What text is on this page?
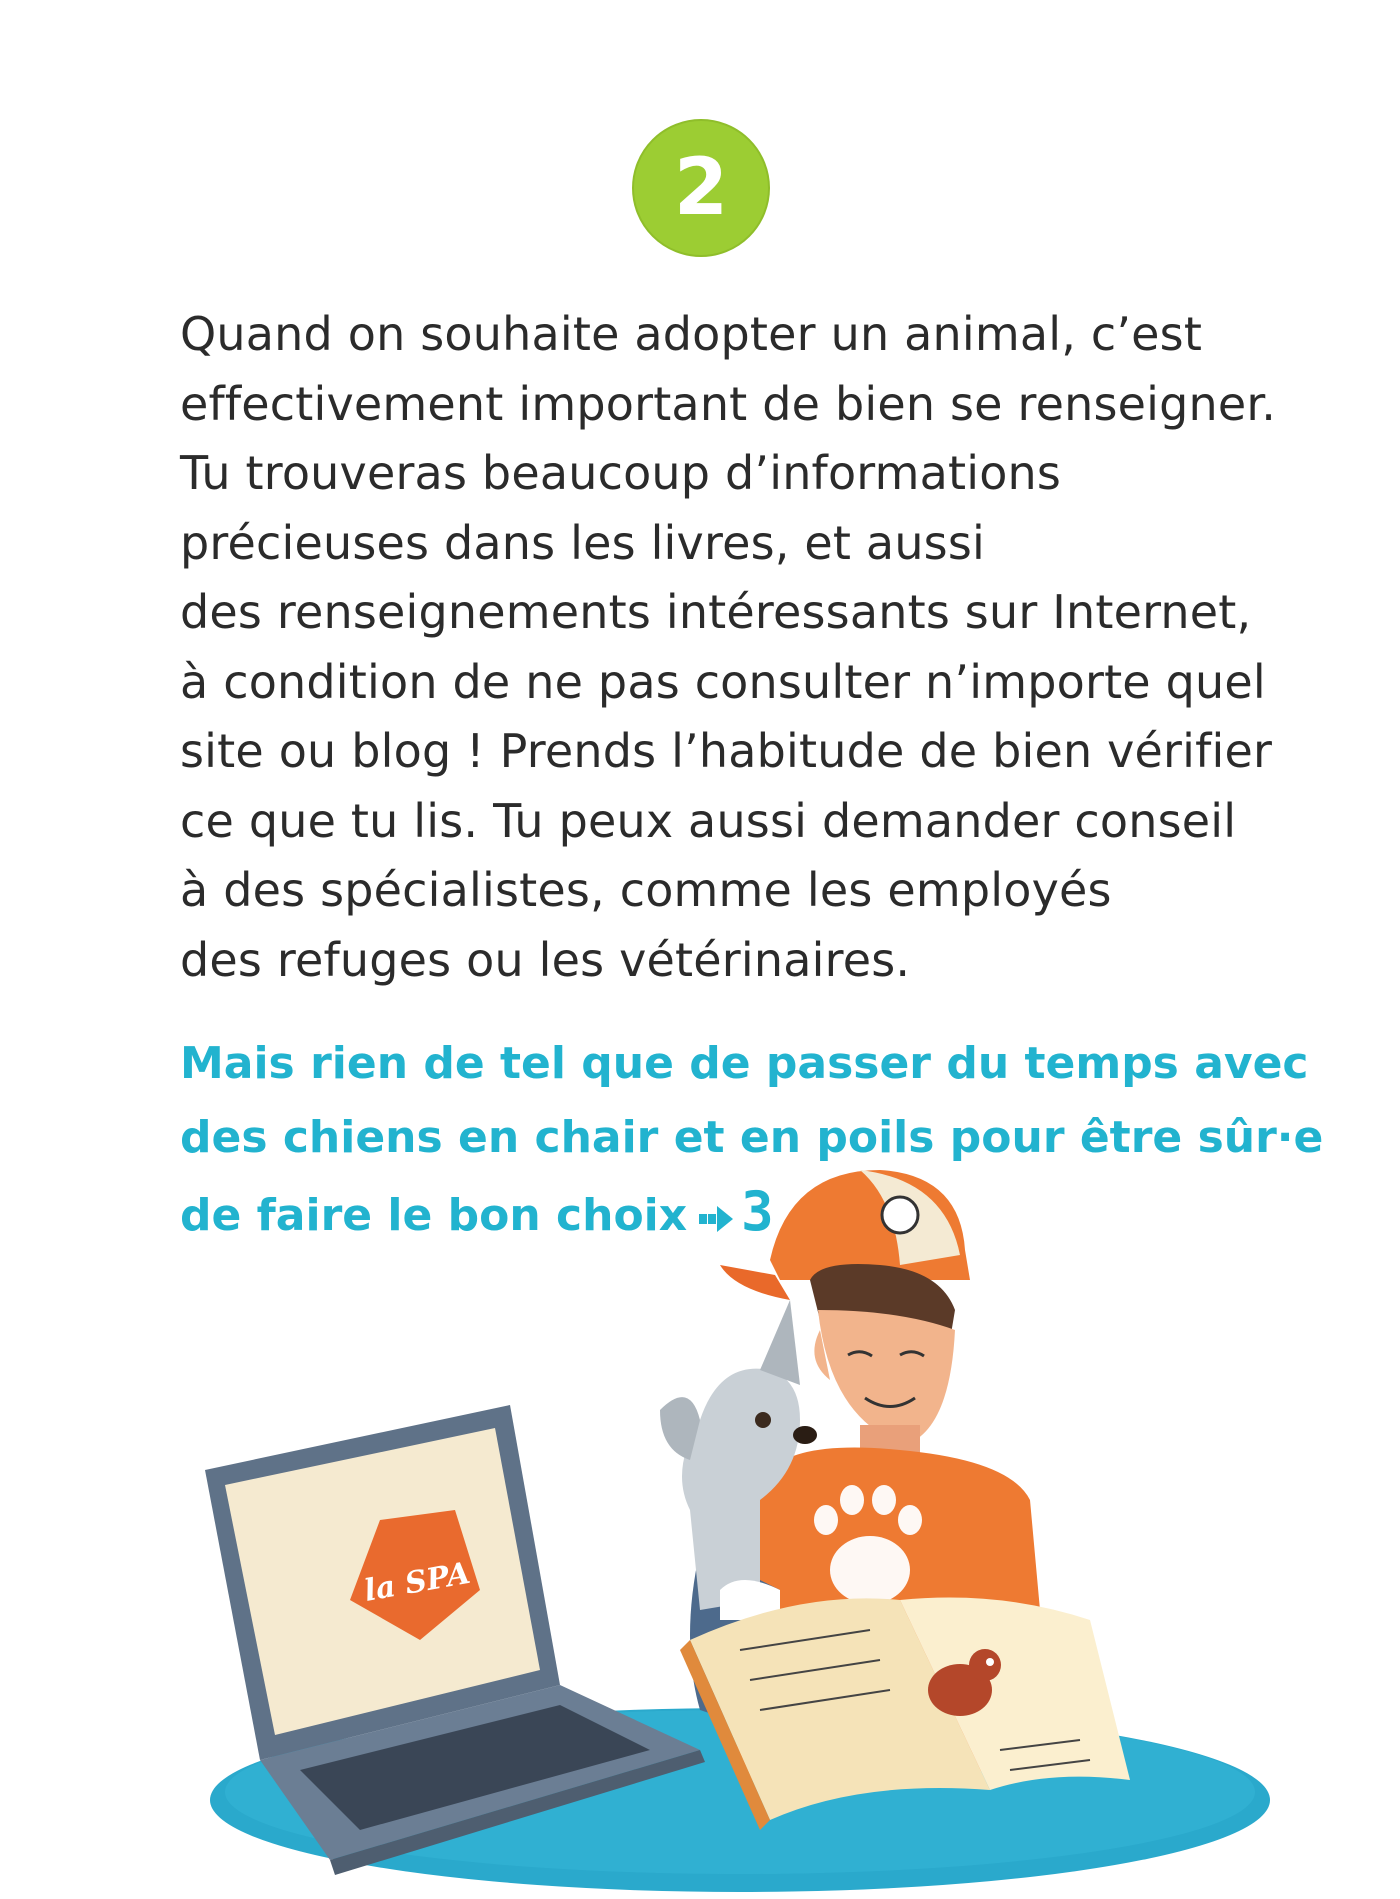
2
Quand on souhaite adopter un animal, c’est
effectivement important de bien se renseigner.
Tu trouveras beaucoup d’informations
précieuses dans les livres, et aussi
des renseignements intéressants sur Internet,
à condition de ne pas consulter n’importe quel
site ou blog ! Prends l’habitude de bien vérifier
ce que tu lis. Tu peux aussi demander conseil
à des spécialistes, comme les employés
des refuges ou les vétérinaires.
Mais rien de tel que de passer du temps avec
des chiens en chair et en poils pour être sûr·e
de faire le bon choix 3
la SPA
